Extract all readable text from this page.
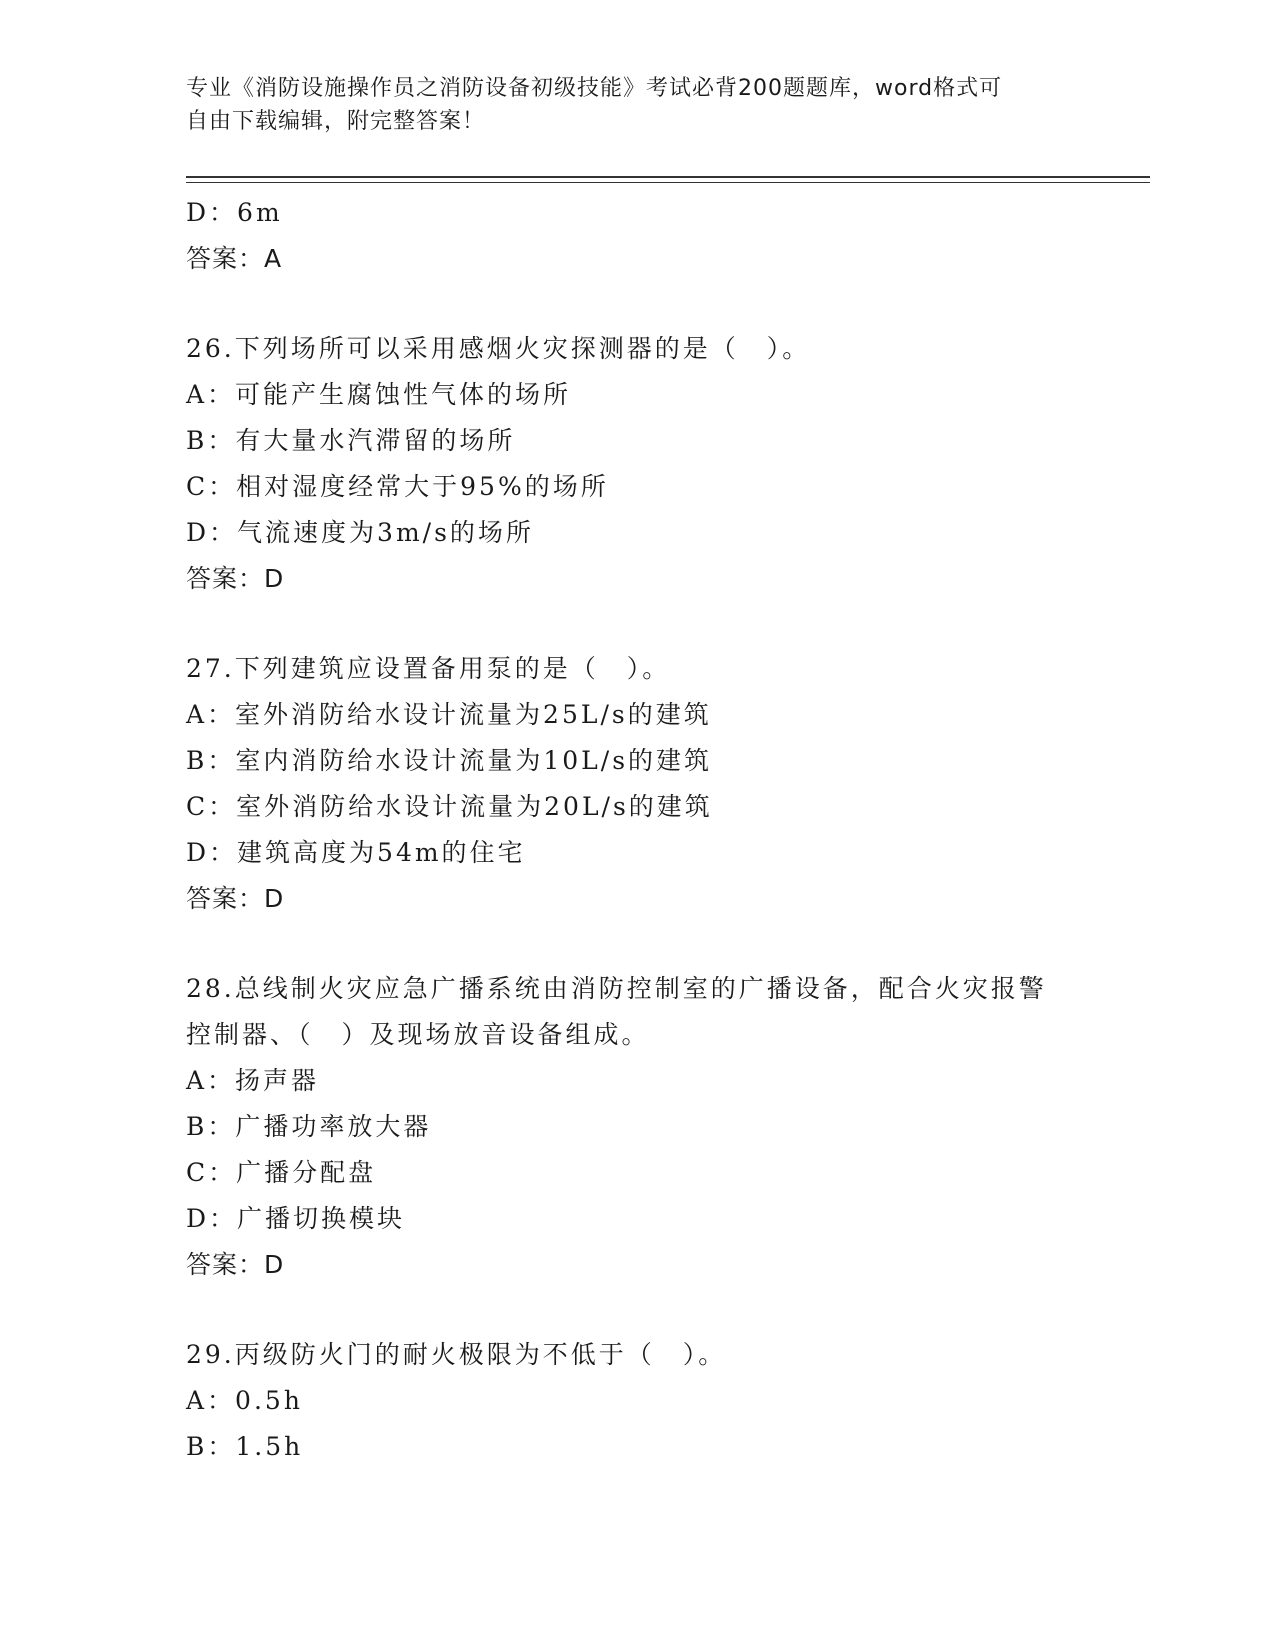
专业《消防设施操作员之消防设备初级技能》考试必背200题题库，word格式可
自由下载编辑，附完整答案！
D：6m
答案：A
26.下列场所可以采用感烟火灾探测器的是（　）。
A：可能产生腐蚀性气体的场所
B：有大量水汽滞留的场所
C：相对湿度经常大于95%的场所
D：气流速度为3m/s的场所
答案：D
27.下列建筑应设置备用泵的是（　）。
A：室外消防给水设计流量为25L/s的建筑
B：室内消防给水设计流量为10L/s的建筑
C：室外消防给水设计流量为20L/s的建筑
D：建筑高度为54m的住宅
答案：D
28.总线制火灾应急广播系统由消防控制室的广播设备，配合火灾报警
控制器、（　）及现场放音设备组成。
A：扬声器
B：广播功率放大器
C：广播分配盘
D：广播切换模块
答案：D
29.丙级防火门的耐火极限为不低于（　）。
A：0.5h
B：1.5h
